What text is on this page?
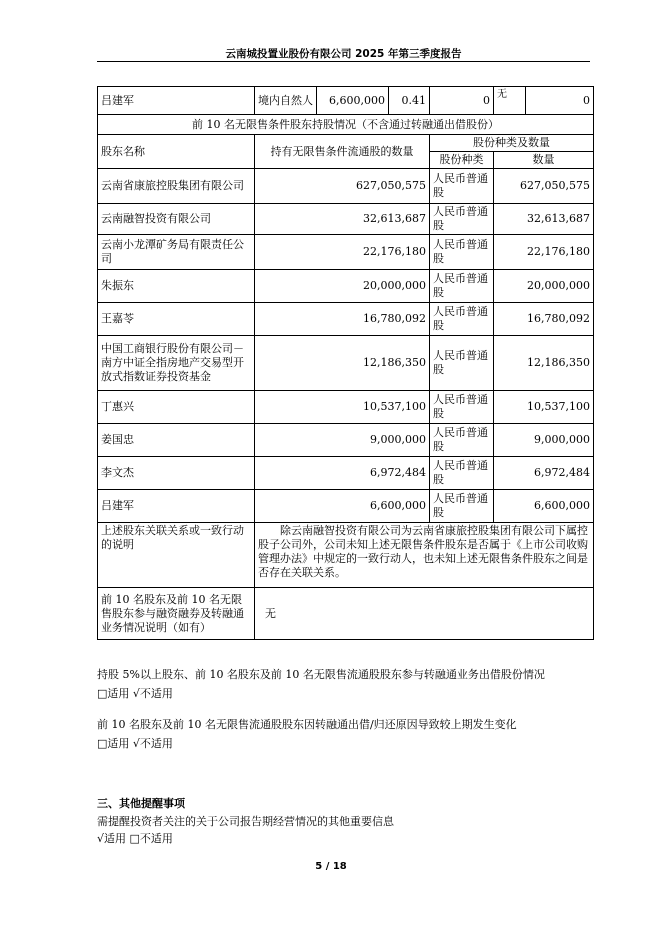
云南城投置业股份有限公司 2025 年第三季度报告
吕建军	境内自然人	6,600,000	0.41	0	无	0
前 10 名无限售条件股东持股情况（不含通过转融通出借股份）						
股东名称	持有无限售条件流通股的数量			股份种类及数量		
				股份种类	数量	
云南省康旅控股集团有限公司	627,050,575			人民币普通股	627,050,575	
云南融智投资有限公司	32,613,687			人民币普通股	32,613,687	
云南小龙潭矿务局有限责任公司	22,176,180			人民币普通股	22,176,180	
朱振东	20,000,000			人民币普通股	20,000,000	
王嘉苓	16,780,092			人民币普通股	16,780,092	
中国工商银行股份有限公司－南方中证全指房地产交易型开放式指数证券投资基金	12,186,350			人民币普通股	12,186,350	
丁惠兴	10,537,100			人民币普通股	10,537,100	
姜国忠	9,000,000			人民币普通股	9,000,000	
李文杰	6,972,484			人民币普通股	6,972,484	
吕建军	6,600,000			人民币普通股	6,600,000	
上述股东关联关系或一致行动的说明	除云南融智投资有限公司为云南省康旅控股集团有限公司下属控股子公司外，公司未知上述无限售条件股东是否属于《上市公司收购管理办法》中规定的一致行动人，也未知上述无限售条件股东之间是否存在关联关系。					
前 10 名股东及前 10 名无限售股东参与融资融券及转融通业务情况说明（如有）	无					
持股 5%以上股东、前 10 名股东及前 10 名无限售流通股股东参与转融通业务出借股份情况
□适用 √不适用
前 10 名股东及前 10 名无限售流通股股东因转融通出借/归还原因导致较上期发生变化
□适用 √不适用
三、其他提醒事项
需提醒投资者关注的关于公司报告期经营情况的其他重要信息
√适用 □不适用
5 / 18
